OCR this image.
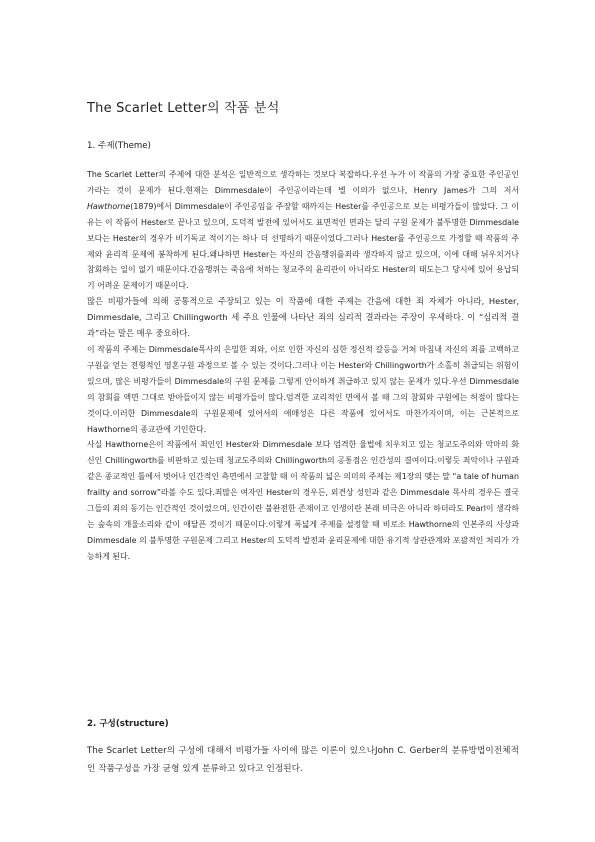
The Scarlet Letter의 작품 분석
1. 주제(Theme)

The Scarlet Letter의 주제에 대한 분석은 일반적으로 생각하는 것보다 복잡하다.우선 누가 이 작품의 가장 중요한 주인공인가라는 것이 문제가 된다.현재는 Dimmesdale이 주인공이라는데 별 이의가 없으나, Henry James가 그의 저서 Hawthorne(1879)에서 Dimmesdale이 주인공임을 주장할 때까지는 Hester를 주인공으로 보는 비평가들이 많았다. 그 이유는 이 작품이 Hester로 끝나고 있으며, 도덕적 발전에 있어서도 표면적인 면과는 달리 구원 문제가 불투명한 Dimmesdale 보다는 Hester의 경우가 비기독교 적이기는 하나 더 선명하기 때문이었다.그러나 Hester를 주인공으로 가정할 때 작품의 주제와 윤리적 문제에 봉착하게 된다.왜냐하면 Hester는 자신의 간음행위를죄라 생각하지 않고 있으며, 이에 대해 뉘우치거나 참회하는 일이 없기 때문이다.간음행위는 죽음에 처하는 청교주의 윤리관이 아니라도 Hester의 태도는그 당시에 있어 용납되기 어려운 문제이기 때문이다.

많은 비평가들에 의해 공통적으로 주장되고 있는 이 작품에 대한 주제는 간음에 대한 죄 자체가 아니라, Hester, Dimmesdale, 그리고 Chillingworth 세 주요 인물에 나타난 죄의 심리적 결과라는 주장이 우세하다. 이 “심리적 결과”라는 말은 매우 중요하다.

이 작품의 주제는 Dimmesdale목사의 은밀한 죄와, 이로 인한 자신의 심한 정신적 갈등을 거쳐 마침내 자신의 죄를 고백하고 구원을 얻는 전형적인 영혼구원 과정으로 볼 수 있는 것이다.그러나 이는 Hester와 Chillingworth가 소홀히 취급되는 위험이 있으며, 많은 비평가들이 Dimmesdale의 구원 문제를 그렇게 안이하게 취급하고 있지 않는 문제가 있다.우선 Dimmesdale의 참회를 액면 그대로 받아들이지 않는 비평가들이 많다.엄격한 교리적인 면에서 볼 때 그의 참회와 구원에는 허점이 많다는 것이다.이러한 Dimmesdale의 구원문제에 있어서의 애매성은 다른 작품에 있어서도 마찬가지이며, 이는 근본적으로 Hawthorne의 종교관에 기인한다.

사실 Hawthorne은이 작품에서 죄인인 Hester와 Dimmesdale 보다 엄격한 율법에 치우치고 있는 청교도주의와 악마의 화신인 Chillingworth를 비판하고 있는데 청교도주의와 Chillingworth의 공통점은 인간성의 결여이다.이렇듯 죄악이나 구원과 같은 종교적인 틀에서 벗어나 인간적인 측면에서 고찰할 때 이 작품의 넓은 의미의 주제는 제1장의 맺는 말 “a tale of human frailty and sorrow”라볼 수도 있다.죄많은 여자인 Hester의 경우든, 외견상 성인과 같은 Dimmesdale 목사의 경우든 결국 그들의 죄의 동기는 인간적인 것이었으며, 인간이란 불완전한 존재이고 인생이란 본래 비극은 아니라 하더라도 Pearl이 생각하는 숲속의 개울소리와 같이 애달픈 것이기 때문이다.이렇게 폭넓게 주제를 설정할 때 비로소 Hawthorne의 인본주의 사상과 Dimmesdale 의 불투명한 구원문제 그리고 Hester의 도덕적 발전과 윤리문제에 대한 유기적 상관관계와 포괄적인 처리가 가능하게 된다.

2. 구성(structure)

The Scarlet Letter의 구성에 대해서 비평가들 사이에 많은 이론이 있으나John C. Gerber의 분류방법이전체적인 작품구성을 가장 균형 있게 분류하고 있다고 인정된다.
